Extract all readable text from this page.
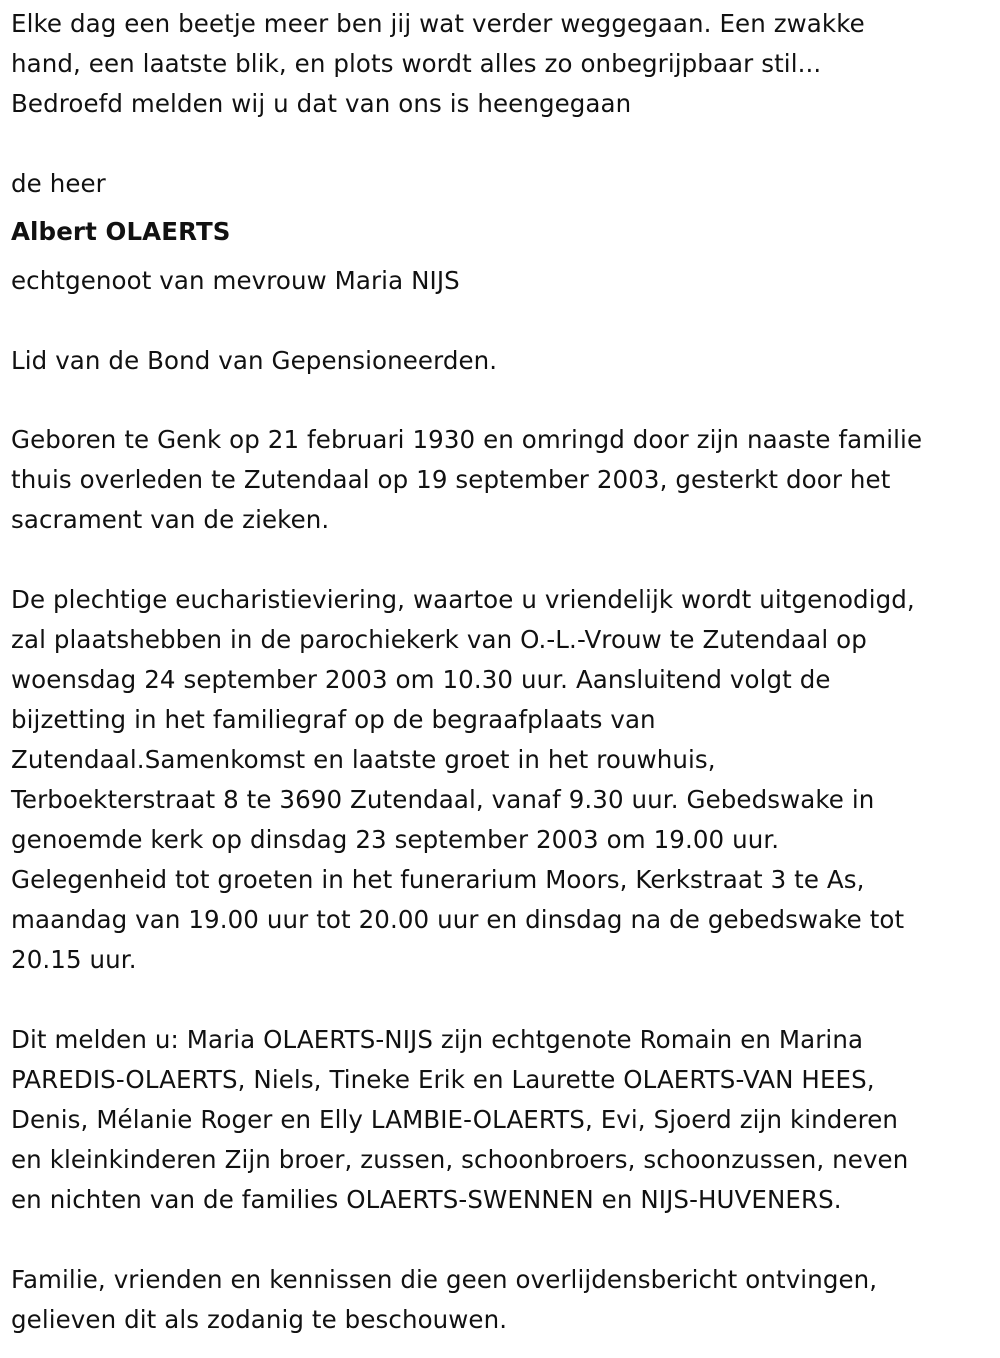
Elke dag een beetje meer ben jij wat verder weggegaan. Een zwakke
hand, een laatste blik, en plots wordt alles zo onbegrijpbaar stil...
Bedroefd melden wij u dat van ons is heengegaan
de heer
Albert OLAERTS
echtgenoot van mevrouw Maria NIJS
Lid van de Bond van Gepensioneerden.
Geboren te Genk op 21 februari 1930 en omringd door zijn naaste familie
thuis overleden te Zutendaal op 19 september 2003, gesterkt door het
sacrament van de zieken.
De plechtige eucharistieviering, waartoe u vriendelijk wordt uitgenodigd,
zal plaatshebben in de parochiekerk van O.-L.-Vrouw te Zutendaal op
woensdag 24 september 2003 om 10.30 uur. Aansluitend volgt de
bijzetting in het familiegraf op de begraafplaats van
Zutendaal.Samenkomst en laatste groet in het rouwhuis,
Terboekterstraat 8 te 3690 Zutendaal, vanaf 9.30 uur. Gebedswake in
genoemde kerk op dinsdag 23 september 2003 om 19.00 uur.
Gelegenheid tot groeten in het funerarium Moors, Kerkstraat 3 te As,
maandag van 19.00 uur tot 20.00 uur en dinsdag na de gebedswake tot
20.15 uur.
Dit melden u: Maria OLAERTS-NIJS zijn echtgenote Romain en Marina
PAREDIS-OLAERTS, Niels, Tineke Erik en Laurette OLAERTS-VAN HEES,
Denis, Mélanie Roger en Elly LAMBIE-OLAERTS, Evi, Sjoerd zijn kinderen
en kleinkinderen Zijn broer, zussen, schoonbroers, schoonzussen, neven
en nichten van de families OLAERTS-SWENNEN en NIJS-HUVENERS.
Familie, vrienden en kennissen die geen overlijdensbericht ontvingen,
gelieven dit als zodanig te beschouwen.
